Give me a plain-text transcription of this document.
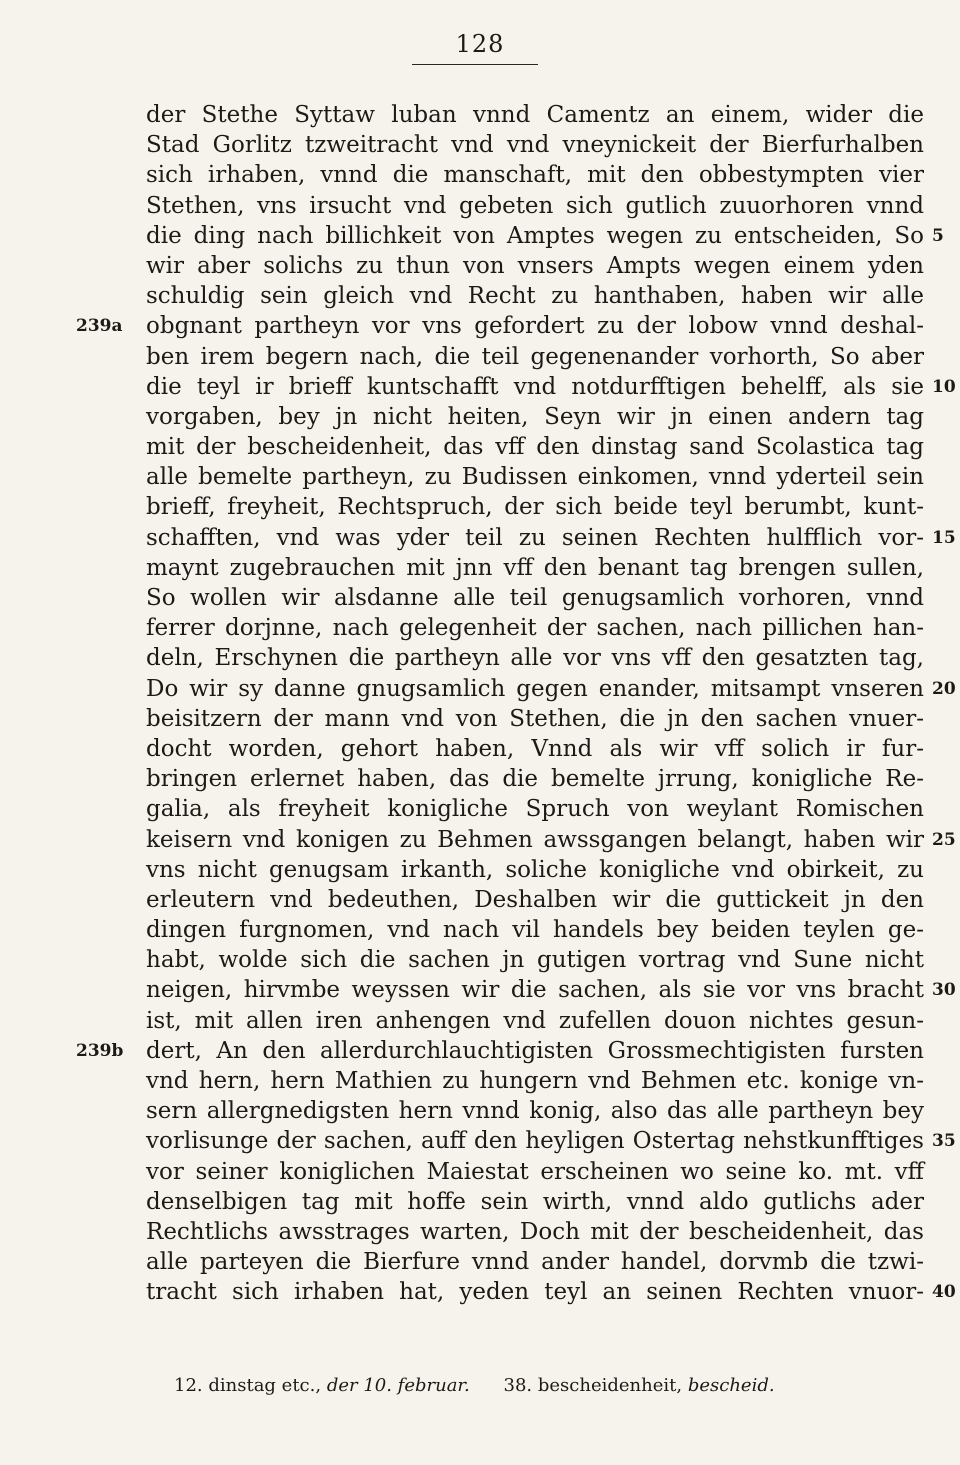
128
der Stethe Syttaw luban vnnd Camentz an einem, wider die
Stad Gorlitz tzweitracht vnd vnd vneynickeit der Bierfurhalben
sich irhaben, vnnd die manschaft, mit den obbestympten vier
Stethen, vns irsucht vnd gebeten sich gutlich zuuorhoren vnnd
die ding nach billichkeit von Amptes wegen zu entscheiden, So 5
wir aber solichs zu thun von vnsers Ampts wegen einem yden
schuldig sein gleich vnd Recht zu hanthaben, haben wir alle
obgnant partheyn vor vns gefordert zu der lobow vnnd deshal-
239a
ben irem begern nach, die teil gegenenander vorhorth, So aber
die teyl ir brieff kuntschafft vnd notdurfftigen behelff, als sie 10
vorgaben, bey jn nicht heiten, Seyn wir jn einen andern tag
mit der bescheidenheit, das vff den dinstag sand Scolastica tag
alle bemelte partheyn, zu Budissen einkomen, vnnd yderteil sein
brieff, freyheit, Rechtspruch, der sich beide teyl berumbt, kunt-
schafften, vnd was yder teil zu seinen Rechten hulfflich vor- 15
maynt zugebrauchen mit jnn vff den benant tag brengen sullen,
So wollen wir alsdanne alle teil genugsamlich vorhoren, vnnd
ferrer dorjnne, nach gelegenheit der sachen, nach pillichen han-
deln, Erschynen die partheyn alle vor vns vff den gesatzten tag,
Do wir sy danne gnugsamlich gegen enander, mitsampt vnseren 20
beisitzern der mann vnd von Stethen, die jn den sachen vnuer-
docht worden, gehort haben, Vnnd als wir vff solich ir fur-
bringen erlernet haben, das die bemelte jrrung, konigliche Re-
galia, als freyheit konigliche Spruch von weylant Romischen
keisern vnd konigen zu Behmen awssgangen belangt, haben wir 25
vns nicht genugsam irkanth, soliche konigliche vnd obirkeit, zu
erleutern vnd bedeuthen, Deshalben wir die guttickeit jn den
dingen furgnomen, vnd nach vil handels bey beiden teylen ge-
habt, wolde sich die sachen jn gutigen vortrag vnd Sune nicht
neigen, hirvmbe weyssen wir die sachen, als sie vor vns bracht 30
ist, mit allen iren anhengen vnd zufellen douon nichtes gesun-
dert, An den allerdurchlauchtigisten Grossmechtigisten fursten
239b
vnd hern, hern Mathien zu hungern vnd Behmen etc. konige vn-
sern allergnedigsten hern vnnd konig, also das alle partheyn bey
vorlisunge der sachen, auff den heyligen Ostertag nehstkunfftiges 35
vor seiner koniglichen Maiestat erscheinen wo seine ko. mt. vff
denselbigen tag mit hoffe sein wirth, vnnd aldo gutlichs ader
Rechtlichs awsstrages warten, Doch mit der bescheidenheit, das
alle parteyen die Bierfure vnnd ander handel, dorvmb die tzwi-
tracht sich irhaben hat, yeden teyl an seinen Rechten vnuor- 40
12. dinstag etc., der 10. februar. 38. bescheidenheit, bescheid.
